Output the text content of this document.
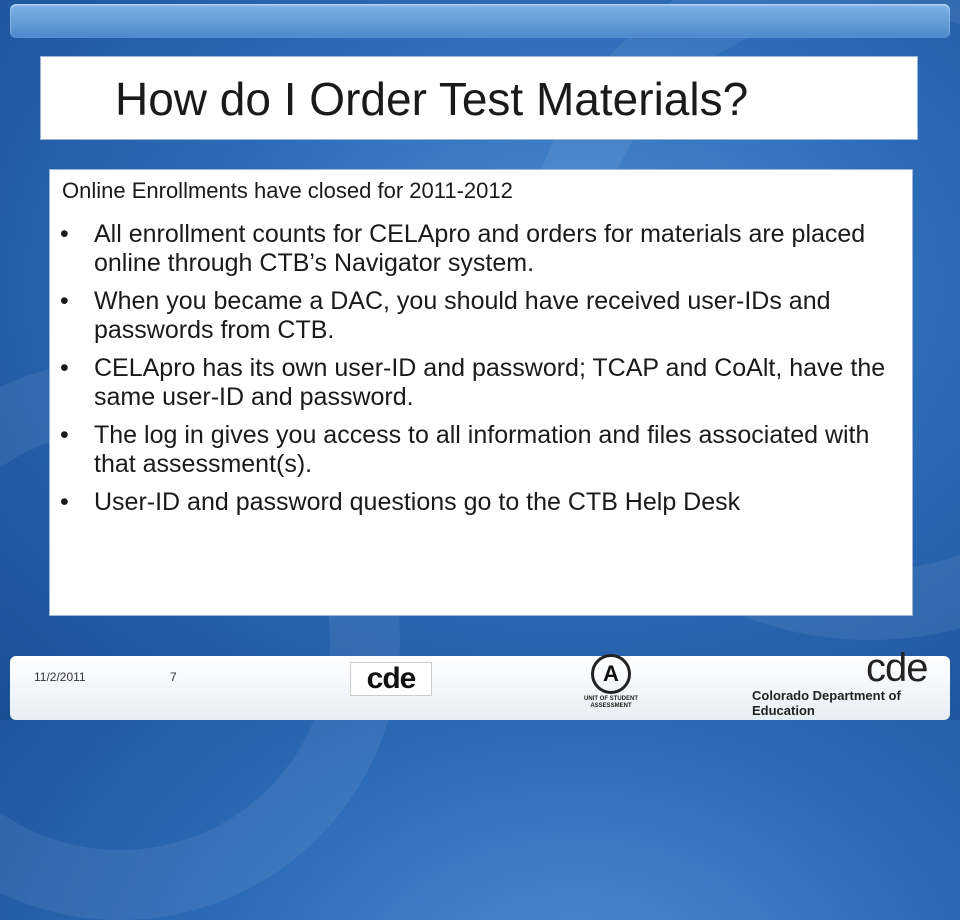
How do I Order Test Materials?

Online Enrollments have closed for 2011-2012

• All enrollment counts for CELApro and orders for materials are placed online through CTB’s Navigator system.
• When you became a DAC, you should have received user-IDs and passwords from CTB.
• CELApro has its own user-ID and password; TCAP and CoAlt, have the same user-ID and password.
• The log in gives you access to all information and files associated with that assessment(s).
• User-ID and password questions go to the CTB Help Desk
11/2/2011	7	cde	A
UNIT OF STUDENT ASSESSMENT
cde
Colorado Department of Education
